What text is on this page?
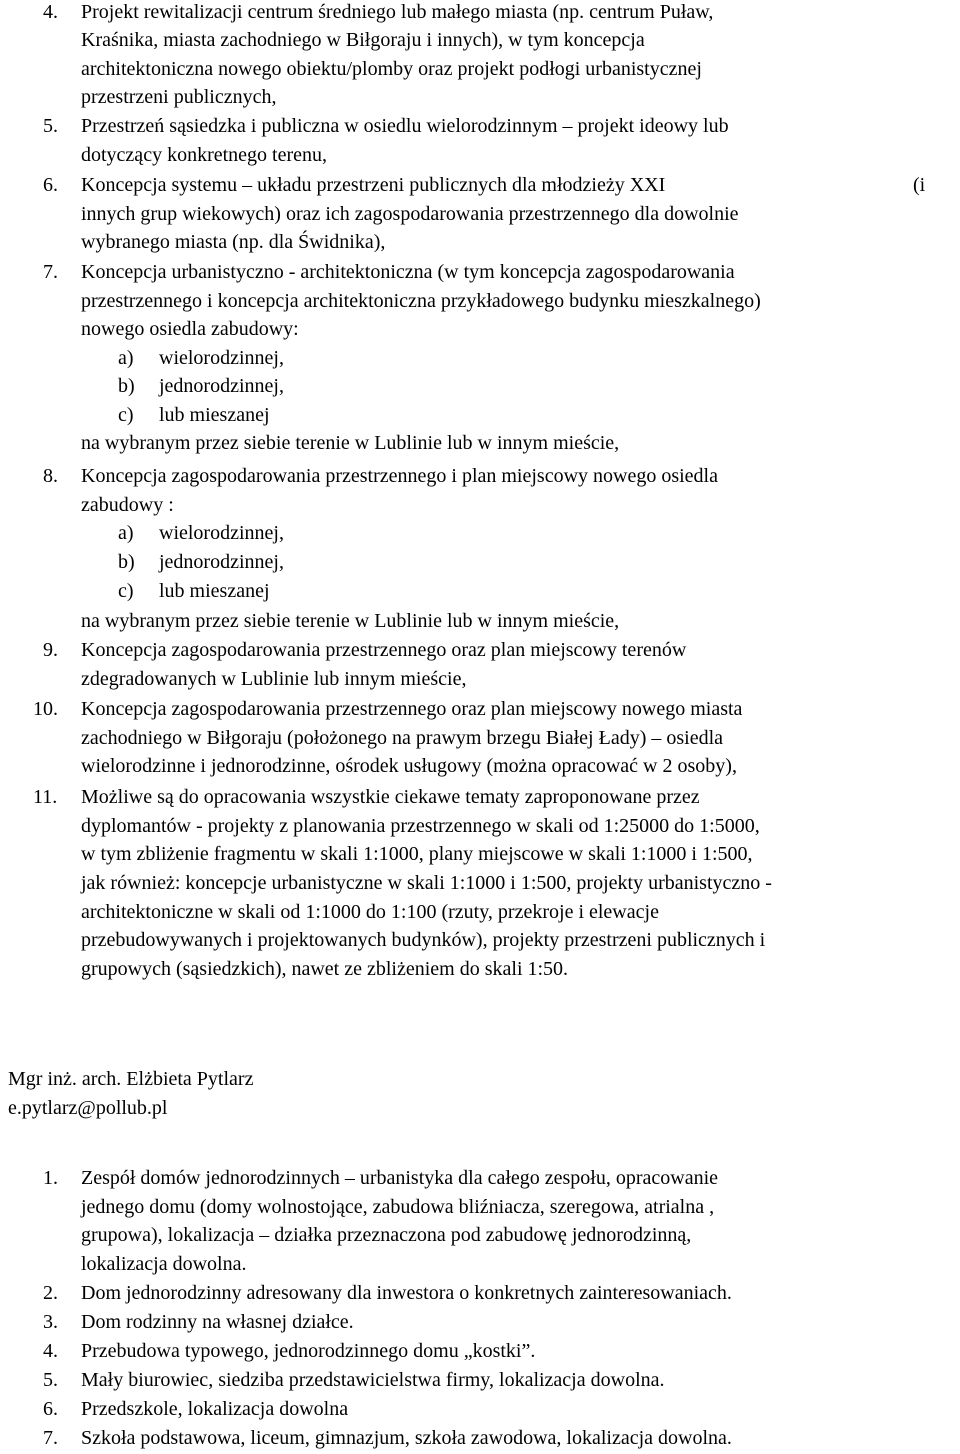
4. Projekt rewitalizacji centrum średniego lub małego miasta (np. centrum Puław,
Kraśnika, miasta zachodniego w Biłgoraju i innych), w tym koncepcja
architektoniczna nowego obiektu/plomby oraz projekt podłogi urbanistycznej
przestrzeni publicznych,
5. Przestrzeń sąsiedzka i publiczna w osiedlu wielorodzinnym – projekt ideowy lub
dotyczący konkretnego terenu,
6. Koncepcja systemu – układu przestrzeni publicznych dla młodzieży XXI	(i
innych grup wiekowych) oraz ich zagospodarowania przestrzennego dla dowolnie
wybranego miasta (np. dla Świdnika),
7. Koncepcja urbanistyczno - architektoniczna (w tym koncepcja zagospodarowania
przestrzennego i koncepcja architektoniczna przykładowego budynku mieszkalnego)
nowego osiedla zabudowy:
a) wielorodzinnej,
b) jednorodzinnej,
c) lub mieszanej
na wybranym przez siebie terenie w Lublinie lub w innym mieście,
8. Koncepcja zagospodarowania przestrzennego i plan miejscowy nowego osiedla
zabudowy :
a) wielorodzinnej,
b) jednorodzinnej,
c) lub mieszanej
na wybranym przez siebie terenie w Lublinie lub w innym mieście,
9. Koncepcja zagospodarowania przestrzennego oraz plan miejscowy terenów
zdegradowanych w Lublinie lub innym mieście,
10. Koncepcja zagospodarowania przestrzennego oraz plan miejscowy nowego miasta
zachodniego w Biłgoraju (położonego na prawym brzegu Białej Łady) – osiedla
wielorodzinne i jednorodzinne, ośrodek usługowy (można opracować w 2 osoby),
11. Możliwe są do opracowania wszystkie ciekawe tematy zaproponowane przez
dyplomantów - projekty z planowania przestrzennego w skali od 1:25000 do 1:5000,
w tym zbliżenie fragmentu w skali 1:1000, plany miejscowe w skali 1:1000 i 1:500,
jak również: koncepcje urbanistyczne w skali 1:1000 i 1:500, projekty urbanistyczno -
architektoniczne w skali od 1:1000 do 1:100 (rzuty, przekroje i elewacje
przebudowywanych i projektowanych budynków), projekty przestrzeni publicznych i
grupowych (sąsiedzkich), nawet ze zbliżeniem do skali 1:50.
Mgr inż. arch. Elżbieta Pytlarz
e.pytlarz@pollub.pl
1. Zespół domów jednorodzinnych – urbanistyka dla całego zespołu, opracowanie
jednego domu (domy wolnostojące, zabudowa bliźniacza, szeregowa, atrialna ,
grupowa), lokalizacja – działka przeznaczona pod zabudowę jednorodzinną,
lokalizacja dowolna.
2. Dom jednorodzinny adresowany dla inwestora o konkretnych zainteresowaniach.
3. Dom rodzinny na własnej działce.
4. Przebudowa typowego, jednorodzinnego domu „kostki”.
5. Mały biurowiec, siedziba przedstawicielstwa firmy, lokalizacja dowolna.
6. Przedszkole, lokalizacja dowolna
7. Szkoła podstawowa, liceum, gimnazjum, szkoła zawodowa, lokalizacja dowolna.
